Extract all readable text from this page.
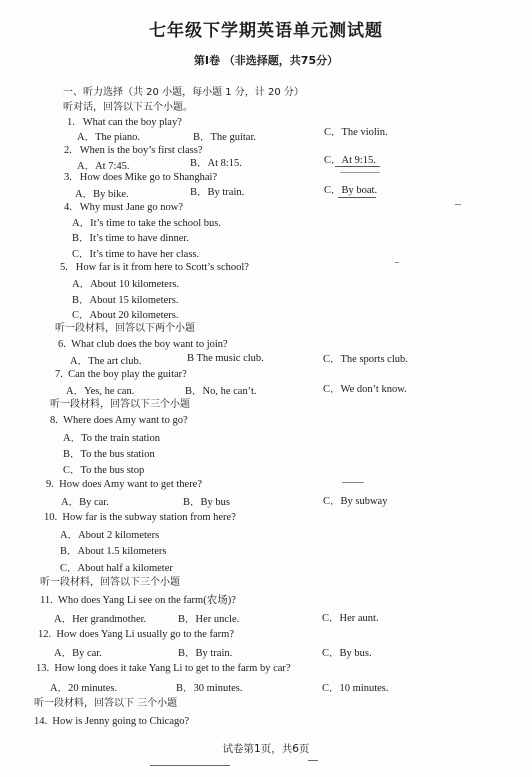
七年级下学期英语单元测试题
第Ⅰ卷 （非选择题，共75分）
一、听力选择（共 20 小题，每小题 1 分，计 20 分）
听对话，回答以下五个小题。
1. What can the boy play?
A．The piano.	B．The guitar.	C．The violin.
2. When is the boy’s first class?
A．At 7:45.	B．At 8:15.	C．At 9:15.
3. How does Mike go to Shanghai?
A．By bike.	B．By train.	C．By boat.
4. Why must Jane go now?
A．It’s time to take the school bus.
B．It’s time to have dinner.
C．It’s time to have her class.
5. How far is it from here to Scott’s school?
A．About 10 kilometers.
B．About 15 kilometers.
C．About 20 kilometers.
听一段材料，回答以下两个小题
6. What club does the boy want to join?
A．The art club.	B The music club.	C．The sports club.
7. Can the boy play the guitar?
A．Yes, he can.	B．No, he can’t.	C．We don’t know.
听一段材料，回答以下三个小题
8. Where does Amy want to go?
A．To the train station
B．To the bus station
C．To the bus stop
9. How does Amy want to get there?
A．By car.	B．By bus	C．By subway
10. How far is the subway station from here?
A．About 2 kilometers
B．About 1.5 kilometers
C．About half a kilometer
听一段材料，回答以下三个小题
11. Who does Yang Li see on the farm(农场)?
A．Her grandmother.	B．Her uncle.	C．Her aunt.
12. How does Yang Li usually go to the farm?
A．By car.	B．By train.	C．By bus.
13. How long does it take Yang Li to get to the farm by car?
A．20 minutes.	B．30 minutes.	C．10 minutes.
听一段材料，回答以下 三个小题
14. How is Jenny going to Chicago?
试卷第1页，共6页
